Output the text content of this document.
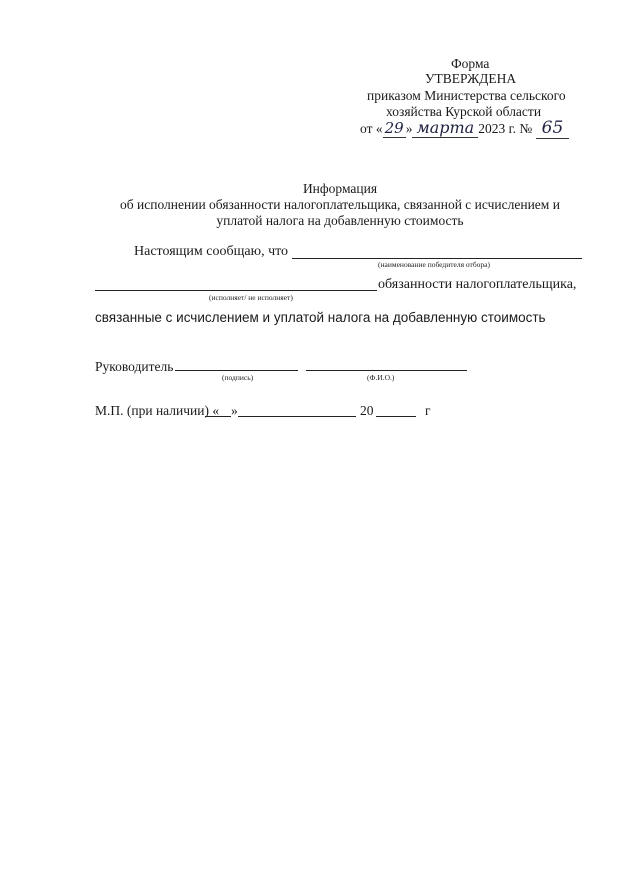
Форма
УТВЕРЖДЕНА
приказом Министерства сельского
хозяйства Курской области
от « 29 » марта 2023 г. № 65
Информация
об исполнении обязанности налогоплательщика, связанной с исчислением и
уплатой налога на добавленную стоимость
Настоящим сообщаю, что
(наименование победителя отбора)
обязанности налогоплательщика,
(исполняет/ не исполняет)
связанные с исчислением и уплатой налога на добавленную стоимость
Руководитель
(подпись)	(Ф.И.О.)
М.П. (при наличии) « »	20	г
